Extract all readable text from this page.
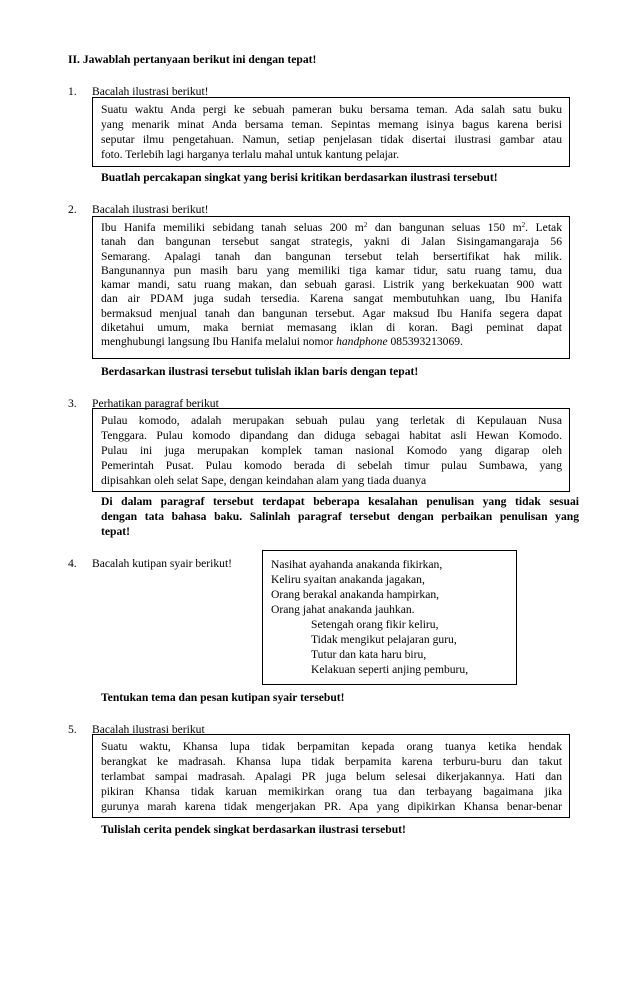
II. Jawablah pertanyaan berikut ini dengan tepat!
1. Bacalah ilustrasi berikut!
Suatu waktu Anda pergi ke sebuah pameran buku bersama teman. Ada salah satu buku
yang menarik minat Anda bersama teman. Sepintas memang isinya bagus karena berisi
seputar ilmu pengetahuan. Namun, setiap penjelasan tidak disertai ilustrasi gambar atau
foto. Terlebih lagi harganya terlalu mahal untuk kantung pelajar.
Buatlah percakapan singkat yang berisi kritikan berdasarkan ilustrasi tersebut!
2. Bacalah ilustrasi berikut!
Ibu Hanifa memiliki sebidang tanah seluas 200 $m^2$ dan bangunan seluas 150 $m^2$. Letak
tanah dan bangunan tersebut sangat strategis, yakni di Jalan Sisingamangaraja 56
Semarang. Apalagi tanah dan bangunan tersebut telah bersertifikat hak milik.
Bangunannya pun masih baru yang memiliki tiga kamar tidur, satu ruang tamu, dua
kamar mandi, satu ruang makan, dan sebuah garasi. Listrik yang berkekuatan 900 watt
dan air PDAM juga sudah tersedia. Karena sangat membutuhkan uang, Ibu Hanifa
bermaksud menjual tanah dan bangunan tersebut. Agar maksud Ibu Hanifa segera dapat
diketahui umum, maka berniat memasang iklan di koran. Bagi peminat dapat
menghubungi langsung Ibu Hanifa melalui nomor handphone 085393213069.
Berdasarkan ilustrasi tersebut tulislah iklan baris dengan tepat!
3. Perhatikan paragraf berikut
Pulau komodo, adalah merupakan sebuah pulau yang terletak di Kepulauan Nusa
Tenggara. Pulau komodo dipandang dan diduga sebagai habitat asli Hewan Komodo.
Pulau ini juga merupakan komplek taman nasional Komodo yang digarap oleh
Pemerintah Pusat. Pulau komodo berada di sebelah timur pulau Sumbawa, yang
dipisahkan oleh selat Sape, dengan keindahan alam yang tiada duanya
Di dalam paragraf tersebut terdapat beberapa kesalahan penulisan yang tidak sesuai
dengan tata bahasa baku. Salinlah paragraf tersebut dengan perbaikan penulisan yang
tepat!
4. Bacalah kutipan syair berikut!	Nasihat ayahanda anakanda fikirkan,
Keliru syaitan anakanda jagakan,
Orang berakal anakanda hampirkan,
Orang jahat anakanda jauhkan.
Setengah orang fikir keliru,
Tidak mengikut pelajaran guru,
Tutur dan kata haru biru,
Kelakuan seperti anjing pemburu,
Tentukan tema dan pesan kutipan syair tersebut!
5. Bacalah ilustrasi berikut
Suatu waktu, Khansa lupa tidak berpamitan kepada orang tuanya ketika hendak
berangkat ke madrasah. Khansa lupa tidak berpamita karena terburu-buru dan takut
terlambat sampai madrasah. Apalagi PR juga belum selesai dikerjakannya. Hati dan
pikiran Khansa tidak karuan memikirkan orang tua dan terbayang bagaimana jika
gurunya marah karena tidak mengerjakan PR. Apa yang dipikirkan Khansa benar-benar
Tulislah cerita pendek singkat berdasarkan ilustrasi tersebut!
